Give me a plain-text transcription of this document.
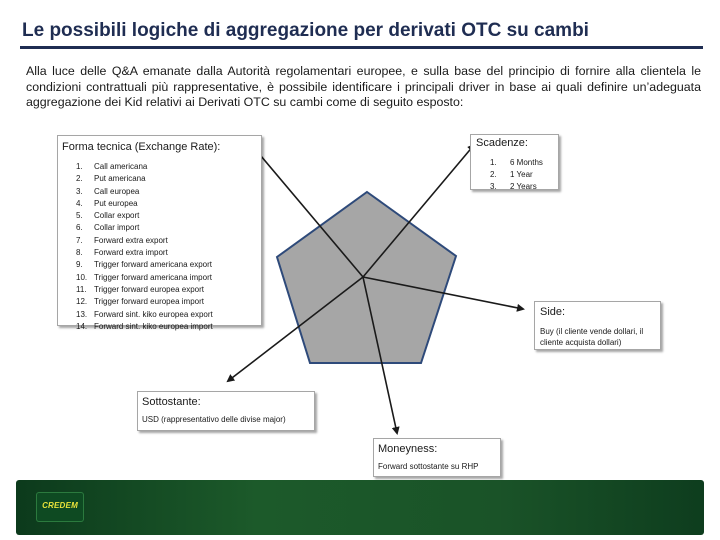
Le possibili logiche di aggregazione per derivati OTC su cambi

Alla luce delle Q&A emanate dalla Autorità regolamentari europee, e sulla base del principio di fornire alla clientela le condizioni contrattuali più rappresentative, è possibile identificare i principali driver in base ai quali definire un’adeguata aggregazione dei Kid relativi ai Derivati OTC su cambi come di seguito esposto:

Forma tecnica (Exchange Rate):
1. Call americana
2. Put americana
3. Call europea
4. Put europea
5. Collar export
6. Collar import
7. Forward extra export
8. Forward extra import
9. Trigger forward americana export
10. Trigger forward americana import
11. Trigger forward europea export
12. Trigger forward europea import
13. Forward sint. kiko europea export
14. Forward sint. kiko europea import
Scadenze:
1. 6 Months
2. 1 Year
3. 2 Years
Side:
Buy (il cliente vende dollari, il cliente acquista dollari)
Sottostante:
USD (rappresentativo delle divise major)
Moneyness:
Forward sottostante su RHP
CREDEM
